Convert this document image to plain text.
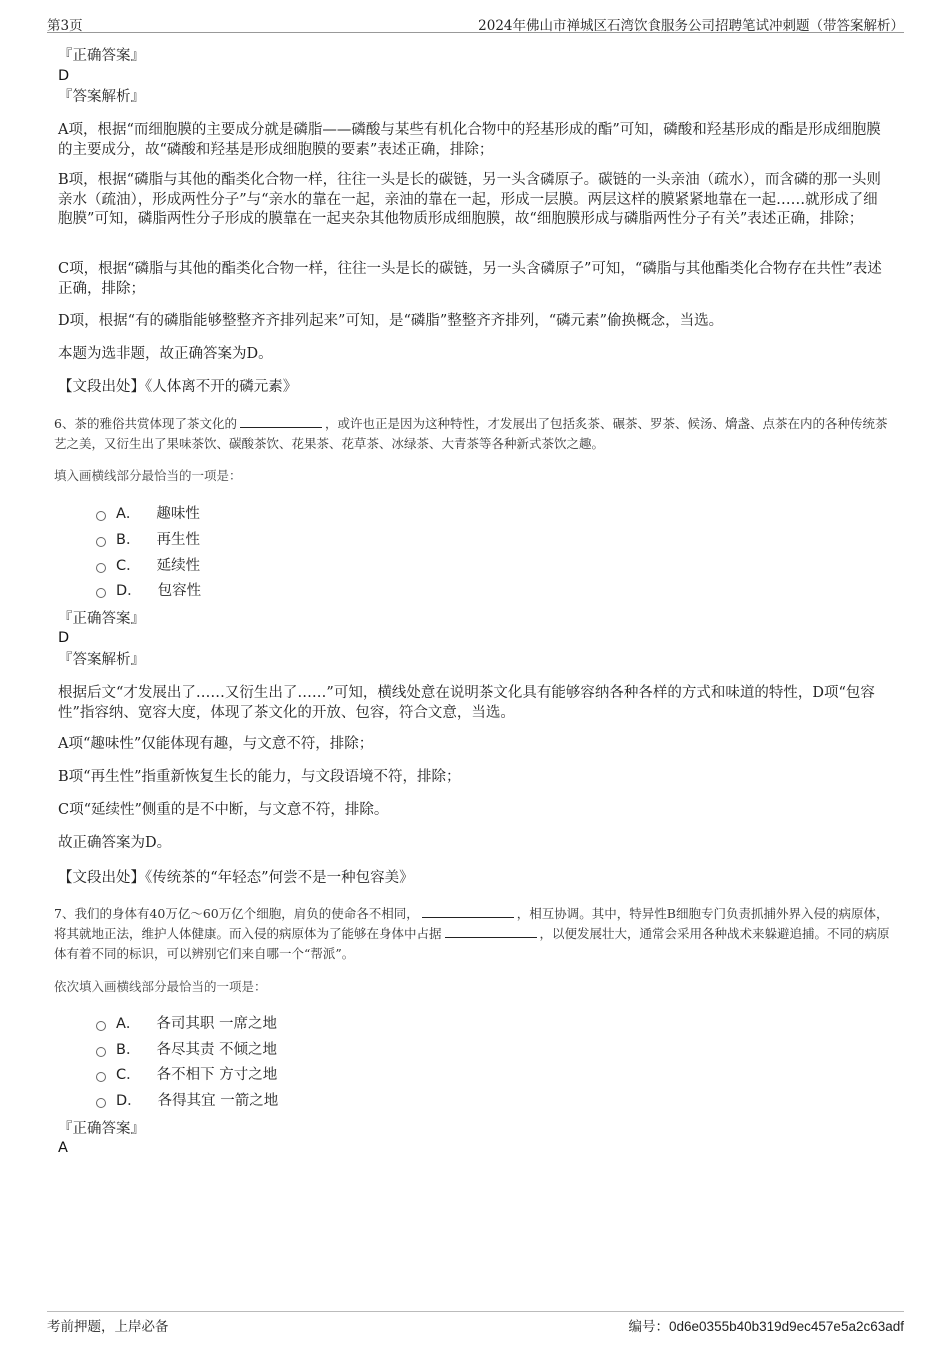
第3页	2024年佛山市禅城区石湾饮食服务公司招聘笔试冲刺题（带答案解析）
『正确答案』
D
『答案解析』

A项，根据“而细胞膜的主要成分就是磷脂——磷酸与某些有机化合物中的羟基形成的酯”可知，磷酸和羟基形成的酯是形成细胞膜的主要成分，故“磷酸和羟基是形成细胞膜的要素”表述正确，排除；

B项，根据“磷脂与其他的酯类化合物一样，往往一头是长的碳链，另一头含磷原子。碳链的一头亲油（疏水），而含磷的那一头则亲水（疏油），形成两性分子”与“亲水的靠在一起，亲油的靠在一起，形成一层膜。两层这样的膜紧紧地靠在一起……就形成了细胞膜”可知，磷脂两性分子形成的膜靠在一起夹杂其他物质形成细胞膜，故“细胞膜形成与磷脂两性分子有关”表述正确，排除；

C项，根据“磷脂与其他的酯类化合物一样，往往一头是长的碳链，另一头含磷原子”可知，“磷脂与其他酯类化合物存在共性”表述正确，排除；

D项，根据“有的磷脂能够整整齐齐排列起来”可知，是“磷脂”整整齐齐排列，“磷元素”偷换概念，当选。

本题为选非题，故正确答案为D。

【文段出处】《人体离不开的磷元素》

6、茶的雅俗共赏体现了茶文化的	，或许也正是因为这种特性，才发展出了包括炙茶、碾茶、罗茶、候汤、熁盏、点茶在内的各种传统茶艺之美，又衍生出了果味茶饮、碳酸茶饮、花果茶、花草茶、冰绿茶、大青茶等各种新式茶饮之趣。

填入画横线部分最恰当的一项是：
A． 趣味性
B． 再生性
C． 延续性
D． 包容性
『正确答案』
D
『答案解析』

根据后文“才发展出了……又衍生出了……”可知，横线处意在说明茶文化具有能够容纳各种各样的方式和味道的特性，D项“包容性”指容纳、宽容大度，体现了茶文化的开放、包容，符合文意，当选。

A项“趣味性”仅能体现有趣，与文意不符，排除；

B项“再生性”指重新恢复生长的能力，与文段语境不符，排除；

C项“延续性”侧重的是不中断，与文意不符，排除。

故正确答案为D。

【文段出处】《传统茶的“年轻态”何尝不是一种包容美》

7、我们的身体有40万亿～60万亿个细胞，肩负的使命各不相同，	，相互协调。其中，特异性B细胞专门负责抓捕外界入侵的病原体，将其就地正法，维护人体健康。而入侵的病原体为了能够在身体中占据	，以便发展壮大，通常会采用各种战术来躲避追捕。不同的病原体有着不同的标识，可以辨别它们来自哪一个“帮派”。

依次填入画横线部分最恰当的一项是：
A． 各司其职 一席之地
B． 各尽其责 不倾之地
C． 各不相下 方寸之地
D． 各得其宜 一箭之地
『正确答案』
A
考前押题，上岸必备	编号：0d6e0355b40b319d9ec457e5a2c63adf
